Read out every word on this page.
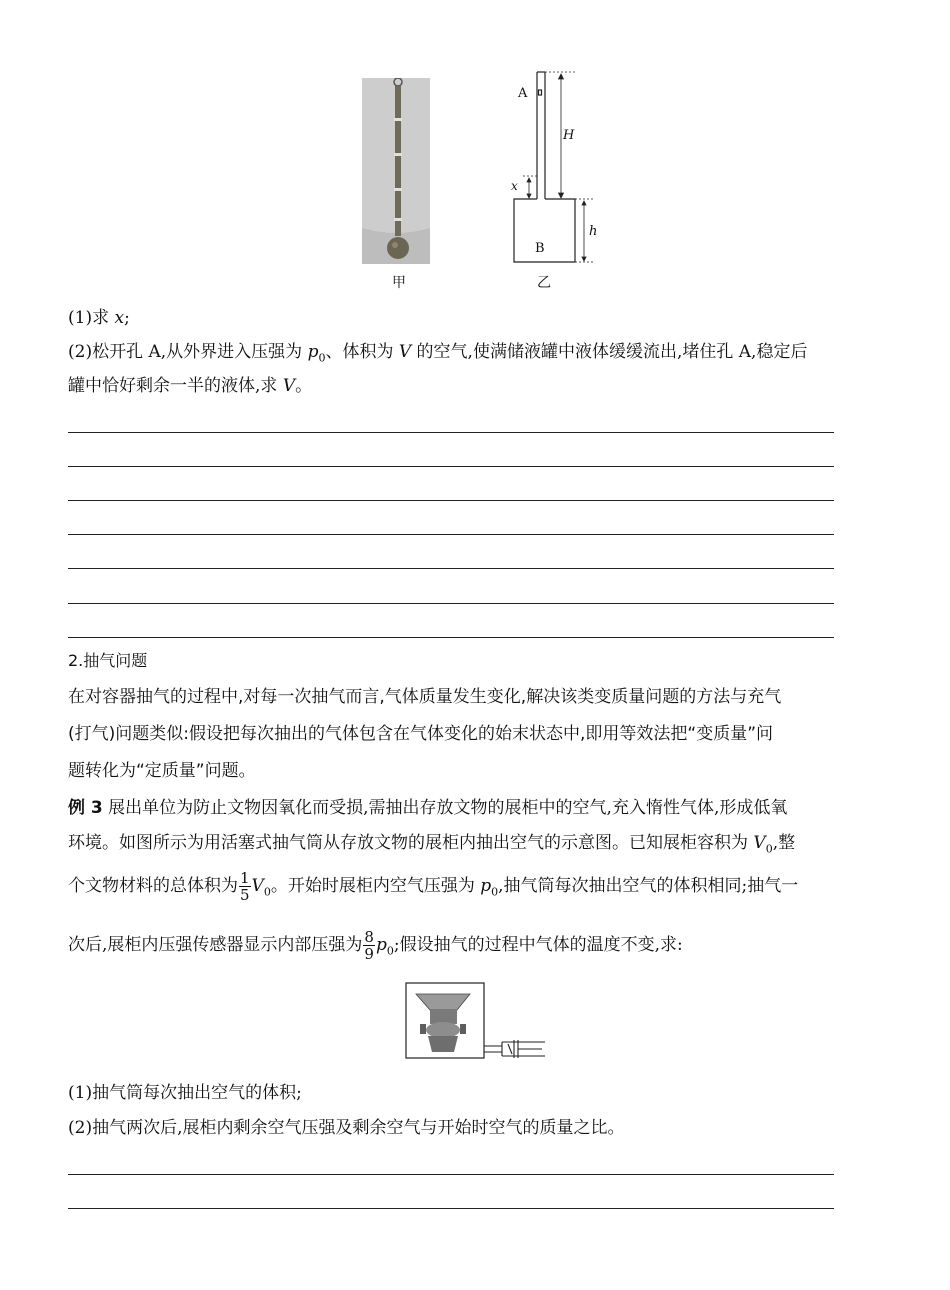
甲
A
H
x
h
B
乙
(1)求 x;
(2)松开孔 A,从外界进入压强为 $p_0$、体积为 V 的空气,使满储液罐中液体缓缓流出,堵住孔 A,稳定后
罐中恰好剩余一半的液体,求 V。
2.抽气问题
在对容器抽气的过程中,对每一次抽气而言,气体质量发生变化,解决该类变质量问题的方法与充气
(打气)问题类似:假设把每次抽出的气体包含在气体变化的始末状态中,即用等效法把“变质量”问
题转化为“定质量”问题。
例 3 展出单位为防止文物因氧化而受损,需抽出存放文物的展柜中的空气,充入惰性气体,形成低氧
环境。如图所示为用活塞式抽气筒从存放文物的展柜内抽出空气的示意图。已知展柜容积为 $V_0$,整
个文物材料的总体积为 $\frac{1}{5} V_0$。开始时展柜内空气压强为 $p_0$,抽气筒每次抽出空气的体积相同;抽气一
次后,展柜内压强传感器显示内部压强为 $\frac{8}{9} p_0$;假设抽气的过程中气体的温度不变,求:
(1)抽气筒每次抽出空气的体积;
(2)抽气两次后,展柜内剩余空气压强及剩余空气与开始时空气的质量之比。
